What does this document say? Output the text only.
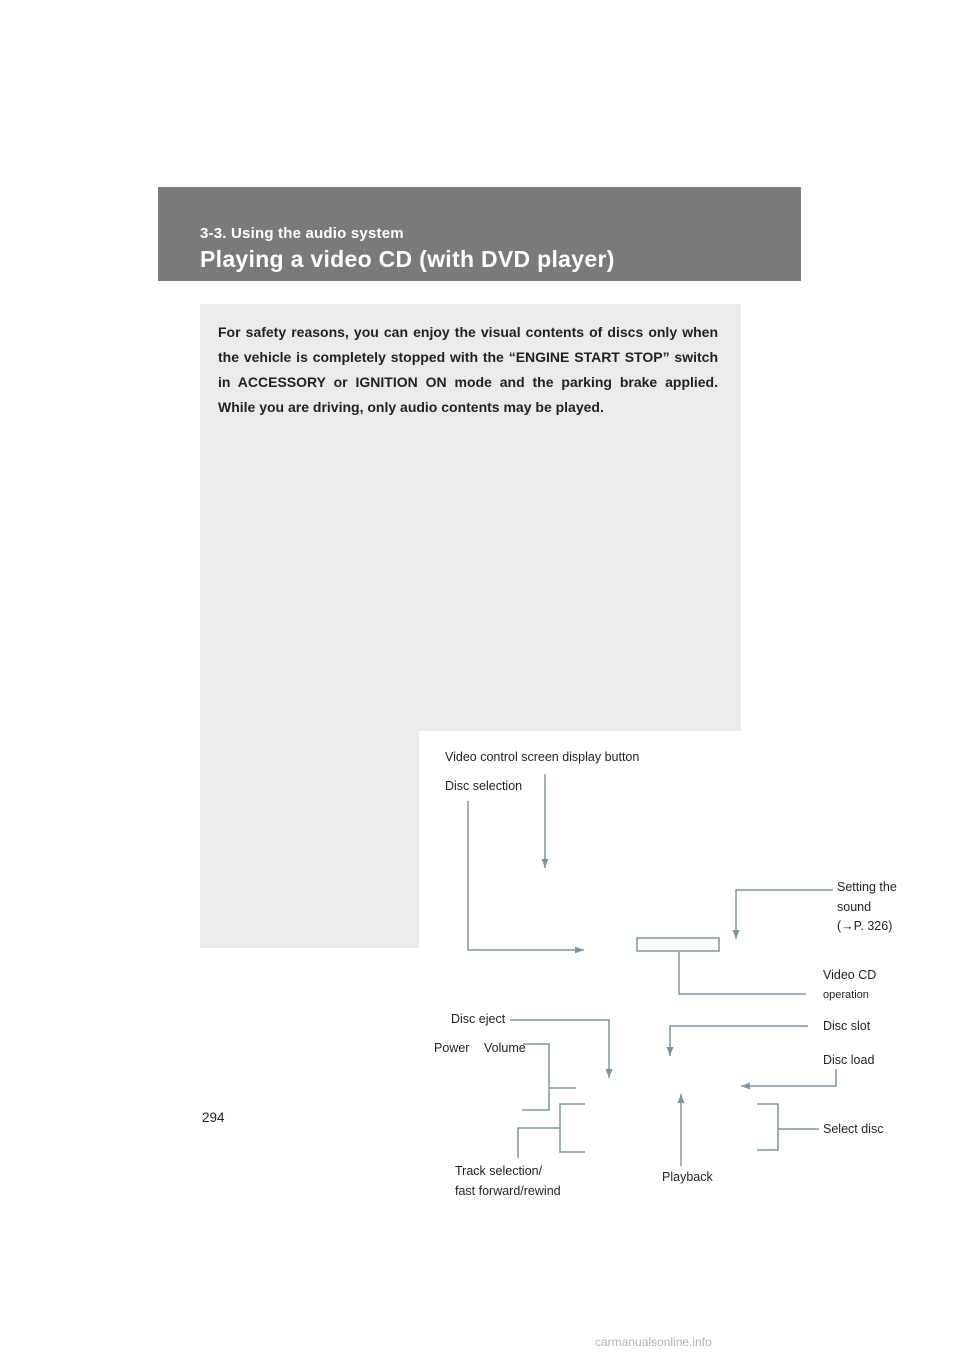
3-3. Using the audio system
Playing a video CD (with DVD player)

For safety reasons, you can enjoy the visual contents of discs only when the vehicle is completely stopped with the “ENGINE START STOP” switch in ACCESSORY or IGNITION ON mode and the parking brake applied. While you are driving, only audio contents may be played.

Video control screen display button
Disc selection
Setting the
sound
(→P. 326)
Video CD
operation
Disc eject	Disc slot
Power Volume
Disc load
Select disc
Track selection/
fast forward/rewind
Playback
294
carmanualsonline.info
